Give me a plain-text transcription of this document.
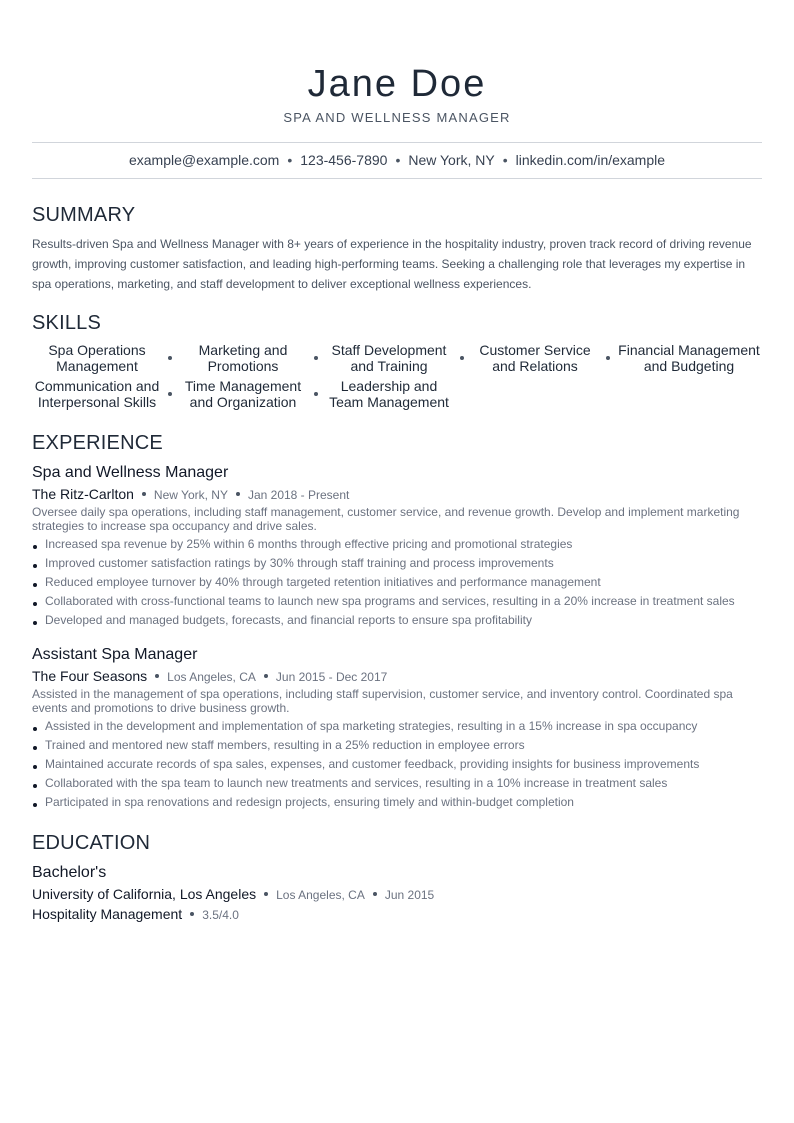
Jane Doe
SPA AND WELLNESS MANAGER
example@example.com • 123-456-7890 • New York, NY • linkedin.com/in/example
SUMMARY
Results-driven Spa and Wellness Manager with 8+ years of experience in the hospitality industry, proven track record of driving revenue growth, improving customer satisfaction, and leading high-performing teams. Seeking a challenging role that leverages my expertise in spa operations, marketing, and staff development to deliver exceptional wellness experiences.
SKILLS
Spa Operations Management
Marketing and Promotions
Staff Development and Training
Customer Service and Relations
Financial Management and Budgeting
Communication and Interpersonal Skills
Time Management and Organization
Leadership and Team Management
EXPERIENCE
Spa and Wellness Manager
The Ritz-Carlton New York, NY Jan 2018 - Present
Oversee daily spa operations, including staff management, customer service, and revenue growth. Develop and implement marketing strategies to increase spa occupancy and drive sales.
Increased spa revenue by 25% within 6 months through effective pricing and promotional strategies
Improved customer satisfaction ratings by 30% through staff training and process improvements
Reduced employee turnover by 40% through targeted retention initiatives and performance management
Collaborated with cross-functional teams to launch new spa programs and services, resulting in a 20% increase in treatment sales
Developed and managed budgets, forecasts, and financial reports to ensure spa profitability
Assistant Spa Manager
The Four Seasons Los Angeles, CA Jun 2015 - Dec 2017
Assisted in the management of spa operations, including staff supervision, customer service, and inventory control. Coordinated spa events and promotions to drive business growth.
Assisted in the development and implementation of spa marketing strategies, resulting in a 15% increase in spa occupancy
Trained and mentored new staff members, resulting in a 25% reduction in employee errors
Maintained accurate records of spa sales, expenses, and customer feedback, providing insights for business improvements
Collaborated with the spa team to launch new treatments and services, resulting in a 10% increase in treatment sales
Participated in spa renovations and redesign projects, ensuring timely and within-budget completion
EDUCATION
Bachelor's
University of California, Los Angeles Los Angeles, CA Jun 2015
Hospitality Management 3.5/4.0
